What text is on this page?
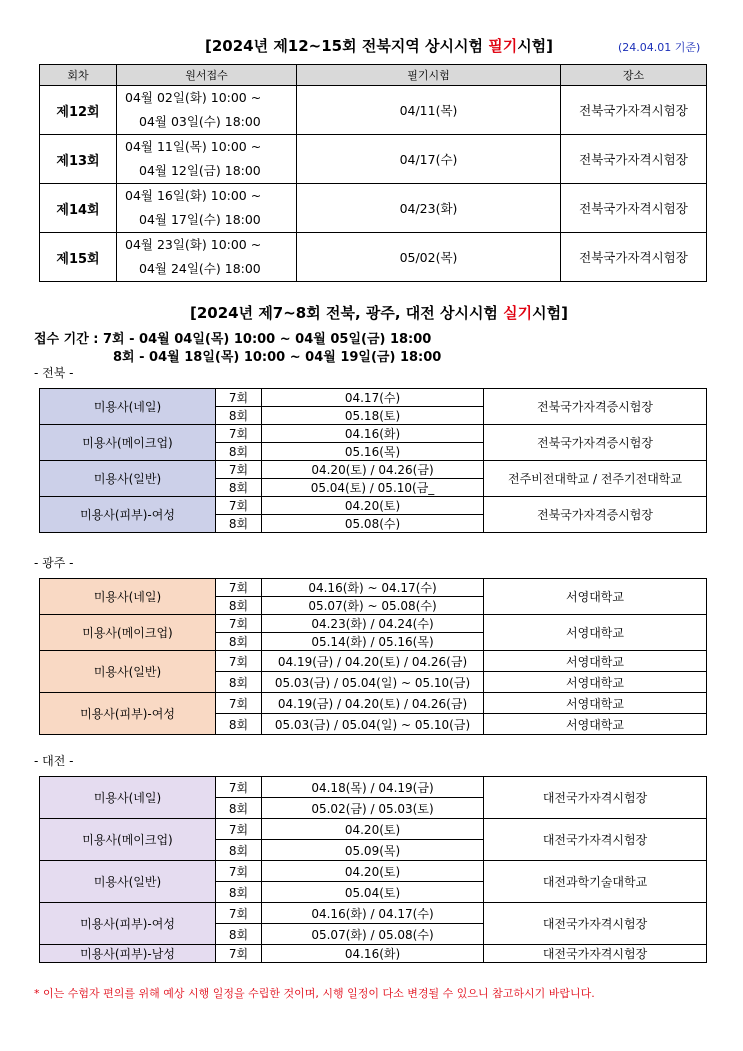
[2024년 제12~15회 전북지역 상시시험 필기시험]	(24.04.01 기준)
회차	원서접수	필기시험	장소
제12회	04월 02일(화) 10:00 ~
04월 03일(수) 18:00	04/11(목)	전북국가자격시험장
제13회	04월 11일(목) 10:00 ~
04월 12일(금) 18:00	04/17(수)	전북국가자격시험장
제14회	04월 16일(화) 10:00 ~
04월 17일(수) 18:00	04/23(화)	전북국가자격시험장
제15회	04월 23일(화) 10:00 ~
04월 24일(수) 18:00	05/02(목)	전북국가자격시험장
[2024년 제7~8회 전북, 광주, 대전 상시시험 실기시험]
접수 기간 : 7회 - 04월 04일(목) 10:00 ~ 04월 05일(금) 18:00
8회 - 04월 18일(목) 10:00 ~ 04월 19일(금) 18:00
- 전북 -
미용사(네일)	7회	04.17(수)	전북국가자격증시험장
	8회	05.18(토)	
미용사(메이크업)	7회	04.16(화)	전북국가자격증시험장
	8회	05.16(목)	
미용사(일반)	7회	04.20(토) / 04.26(금)	전주비전대학교 / 전주기전대학교
	8회	05.04(토) / 05.10(금_	
미용사(피부)-여성	7회	04.20(토)	전북국가자격증시험장
	8회	05.08(수)	
- 광주 -
미용사(네일)	7회	04.16(화) ~ 04.17(수)	서영대학교
	8회	05.07(화) ~ 05.08(수)	
미용사(메이크업)	7회	04.23(화) / 04.24(수)	서영대학교
	8회	05.14(화) / 05.16(목)	
미용사(일반)	7회	04.19(금) / 04.20(토) / 04.26(금)	서영대학교
	8회	05.03(금) / 05.04(일) ~ 05.10(금)	서영대학교
미용사(피부)-여성	7회	04.19(금) / 04.20(토) / 04.26(금)	서영대학교
	8회	05.03(금) / 05.04(일) ~ 05.10(금)	서영대학교
- 대전 -
미용사(네일)	7회	04.18(목) / 04.19(금)	대전국가자격시험장
	8회	05.02(금) / 05.03(토)	
미용사(메이크업)	7회	04.20(토)	대전국가자격시험장
	8회	05.09(목)	
미용사(일반)	7회	04.20(토)	대전과학기술대학교
	8회	05.04(토)	
미용사(피부)-여성	7회	04.16(화) / 04.17(수)	대전국가자격시험장
	8회	05.07(화) / 05.08(수)	
미용사(피부)-남성	7회	04.16(화)	대전국가자격시험장
* 이는 수험자 편의를 위해 예상 시행 일정을 수립한 것이며, 시행 일정이 다소 변경될 수 있으니 참고하시기 바랍니다.
